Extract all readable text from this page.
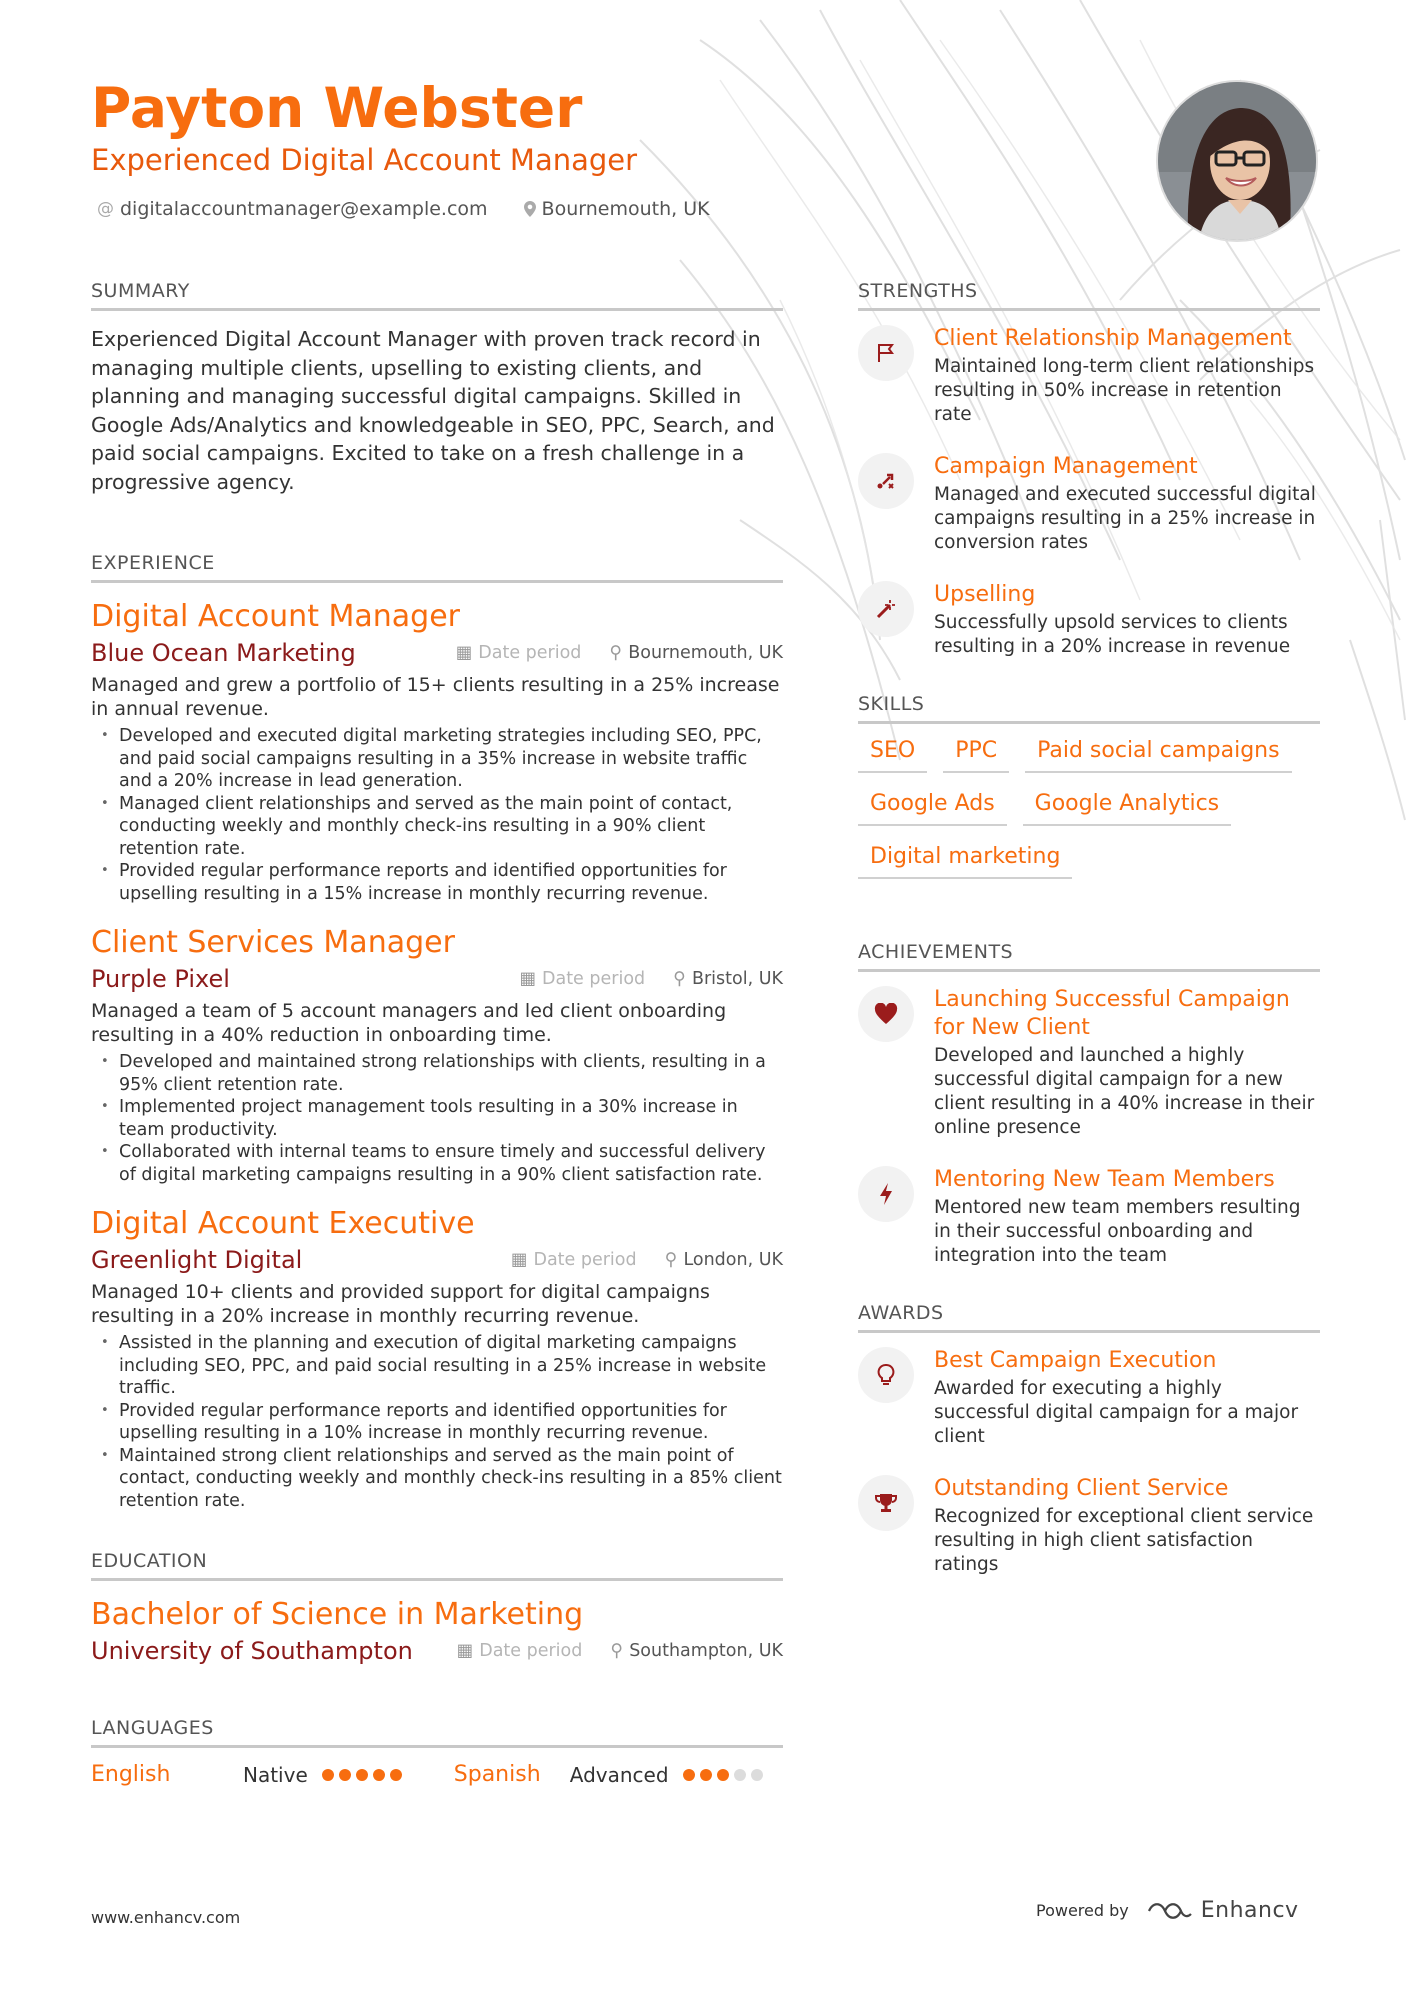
Payton Webster
Experienced Digital Account Manager
@ digitalaccountmanager@example.com	Bournemouth, UK
SUMMARY
Experienced Digital Account Manager with proven track record in managing multiple clients, upselling to existing clients, and planning and managing successful digital campaigns. Skilled in Google Ads/Analytics and knowledgeable in SEO, PPC, Search, and paid social campaigns. Excited to take on a fresh challenge in a progressive agency.
EXPERIENCE
Digital Account Manager
Blue Ocean Marketing	▦ Date period ⚲ Bournemouth, UK
Managed and grew a portfolio of 15+ clients resulting in a 25% increase in annual revenue.
• Developed and executed digital marketing strategies including SEO, PPC, and paid social campaigns resulting in a 35% increase in website traffic and a 20% increase in lead generation.
• Managed client relationships and served as the main point of contact, conducting weekly and monthly check-ins resulting in a 90% client retention rate.
• Provided regular performance reports and identified opportunities for upselling resulting in a 15% increase in monthly recurring revenue.
Client Services Manager
Purple Pixel	▦ Date period ⚲ Bristol, UK
Managed a team of 5 account managers and led client onboarding resulting in a 40% reduction in onboarding time.
• Developed and maintained strong relationships with clients, resulting in a 95% client retention rate.
• Implemented project management tools resulting in a 30% increase in team productivity.
• Collaborated with internal teams to ensure timely and successful delivery of digital marketing campaigns resulting in a 90% client satisfaction rate.
Digital Account Executive
Greenlight Digital	▦ Date period ⚲ London, UK
Managed 10+ clients and provided support for digital campaigns resulting in a 20% increase in monthly recurring revenue.
• Assisted in the planning and execution of digital marketing campaigns including SEO, PPC, and paid social resulting in a 25% increase in website traffic.
• Provided regular performance reports and identified opportunities for upselling resulting in a 10% increase in monthly recurring revenue.
• Maintained strong client relationships and served as the main point of contact, conducting weekly and monthly check-ins resulting in a 85% client retention rate.
EDUCATION
Bachelor of Science in Marketing
University of Southampton	▦ Date period ⚲ Southampton, UK
LANGUAGES
English	Native	Spanish	Advanced
STRENGTHS
Client Relationship Management
Maintained long-term client relationships resulting in 50% increase in retention rate
Campaign Management
Managed and executed successful digital campaigns resulting in a 25% increase in conversion rates
Upselling
Successfully upsold services to clients resulting in a 20% increase in revenue
SKILLS
SEO	PPC	Paid social campaigns
Google Ads	Google Analytics
Digital marketing
ACHIEVEMENTS
Launching Successful Campaign for New Client
Developed and launched a highly successful digital campaign for a new client resulting in a 40% increase in their online presence
Mentoring New Team Members
Mentored new team members resulting in their successful onboarding and integration into the team
AWARDS
Best Campaign Execution
Awarded for executing a highly successful digital campaign for a major client
Outstanding Client Service
Recognized for exceptional client service resulting in high client satisfaction ratings
www.enhancv.com	Powered by	Enhancv
